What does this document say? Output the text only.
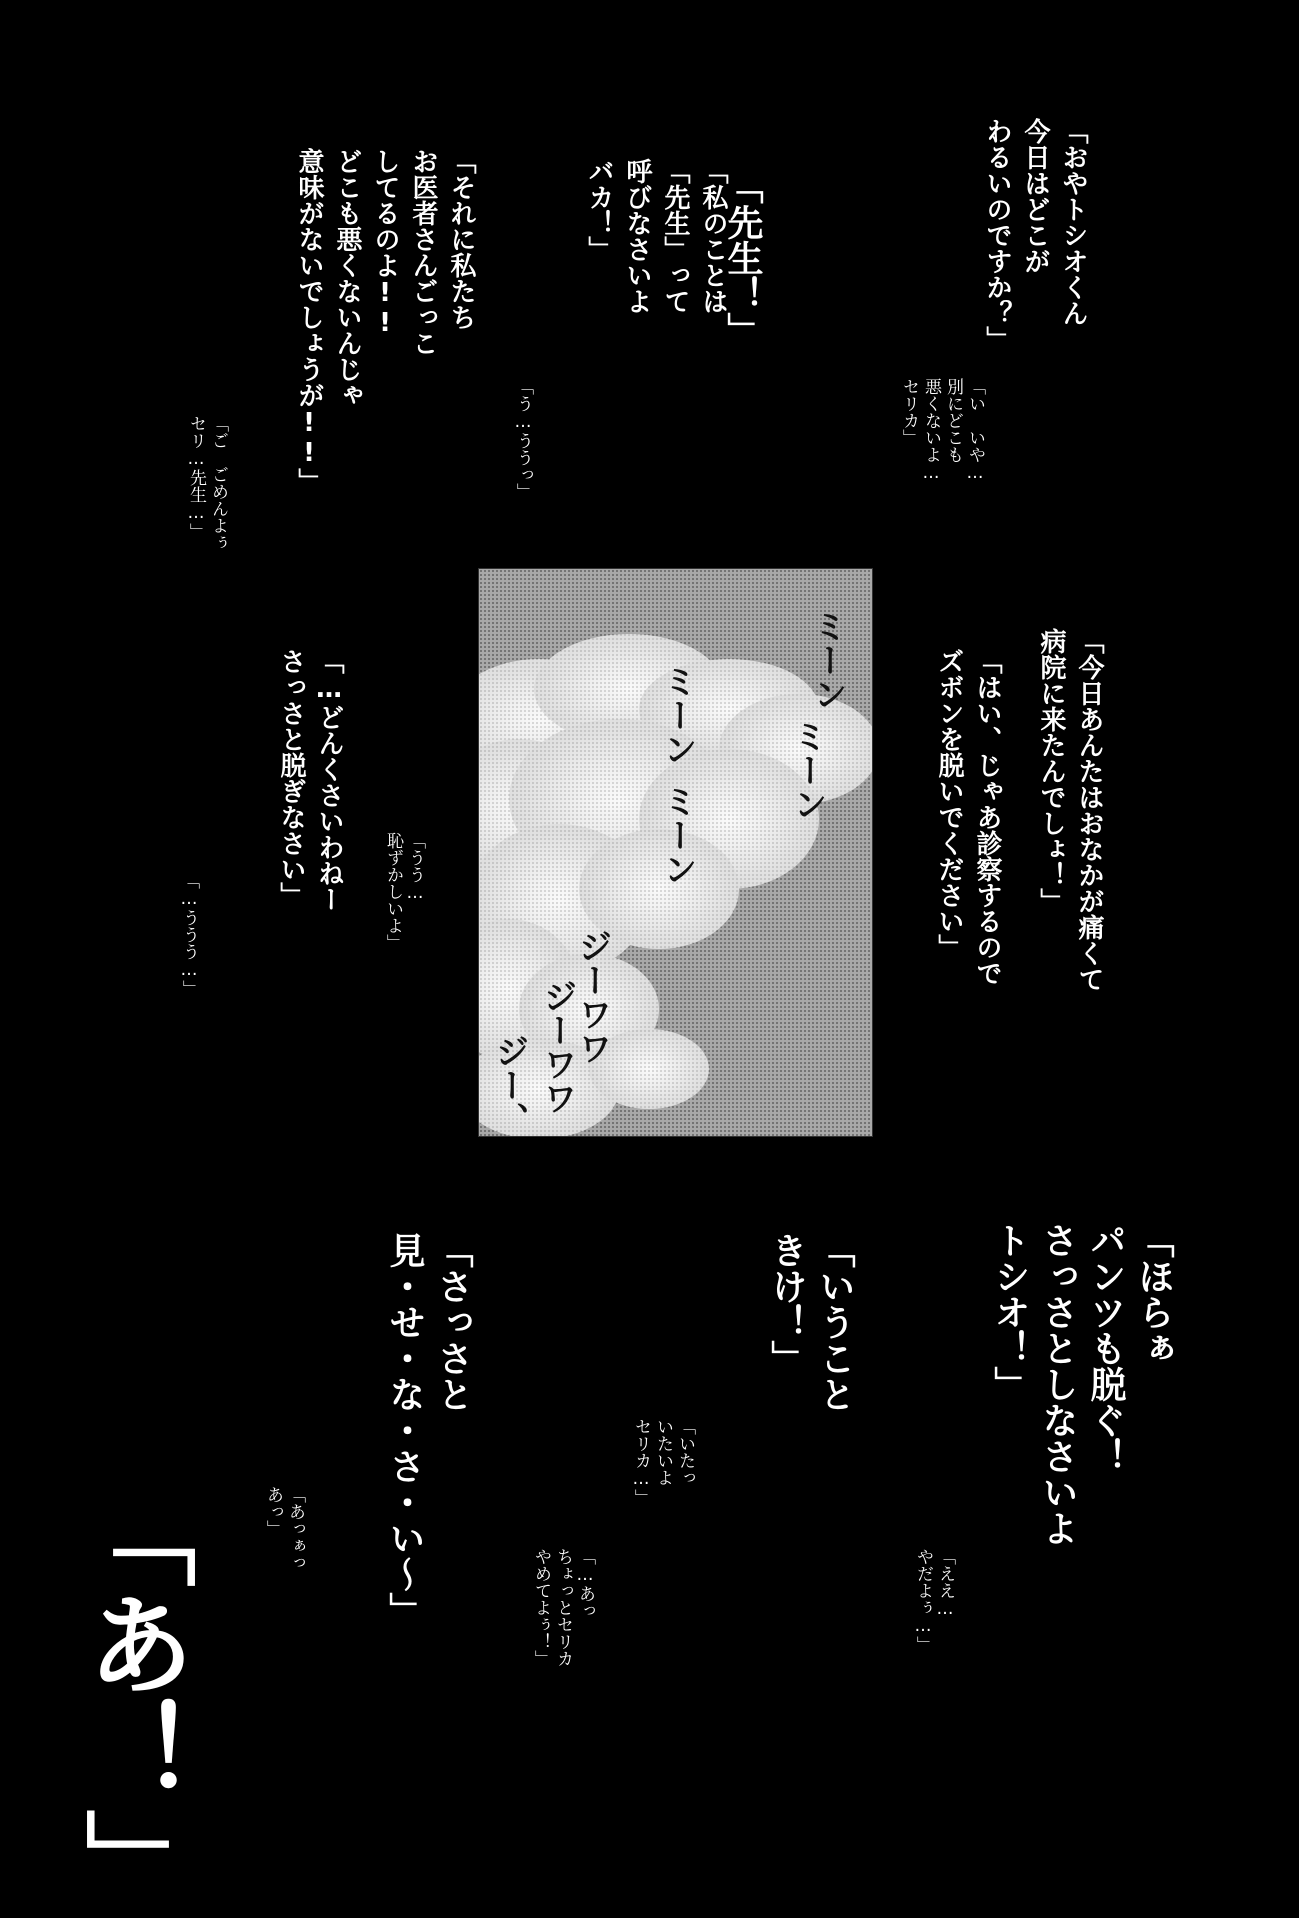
「おやトシオくん
今日はどこが
わるいのですか？」
「い　いや…
別にどこも
悪くないよ…
セリカ」
「先生！」
「私のことは
「先生」って
呼びなさいよ
バカ！」
「う…ううっ」
「それに私たち
お医者さんごっこ
してるのよ!!
どこも悪くないんじゃ
意味がないでしょうが!!」
「ご　ごめんよぅ
セリ…先生…」
「今日あんたはおなかが痛くて
病院に来たんでしょ！」
「はい、じゃあ診察するので
ズボンを脱いでください」
「…どんくさいわねー
さっさと脱ぎなさい」	「うう…
恥ずかしいよ」
「…ううう…」
ミーン
ミーン
ミーン
ミーン
ジーワワ
ジーワワ
ジー、
「ほらぁ
パンツも脱ぐ！
さっさとしなさいよ
トシオ！」
「いうこと
きけ！」
「さっさと
見・せ・な・さ・い～」	「いたっ
いたいよ
セリカ…」
「ええ…
やだよぅ…」
「あっぁっ
あっ」
「…あっ
ちょっとセリカ
やめてよぅ！」
「あ！」
